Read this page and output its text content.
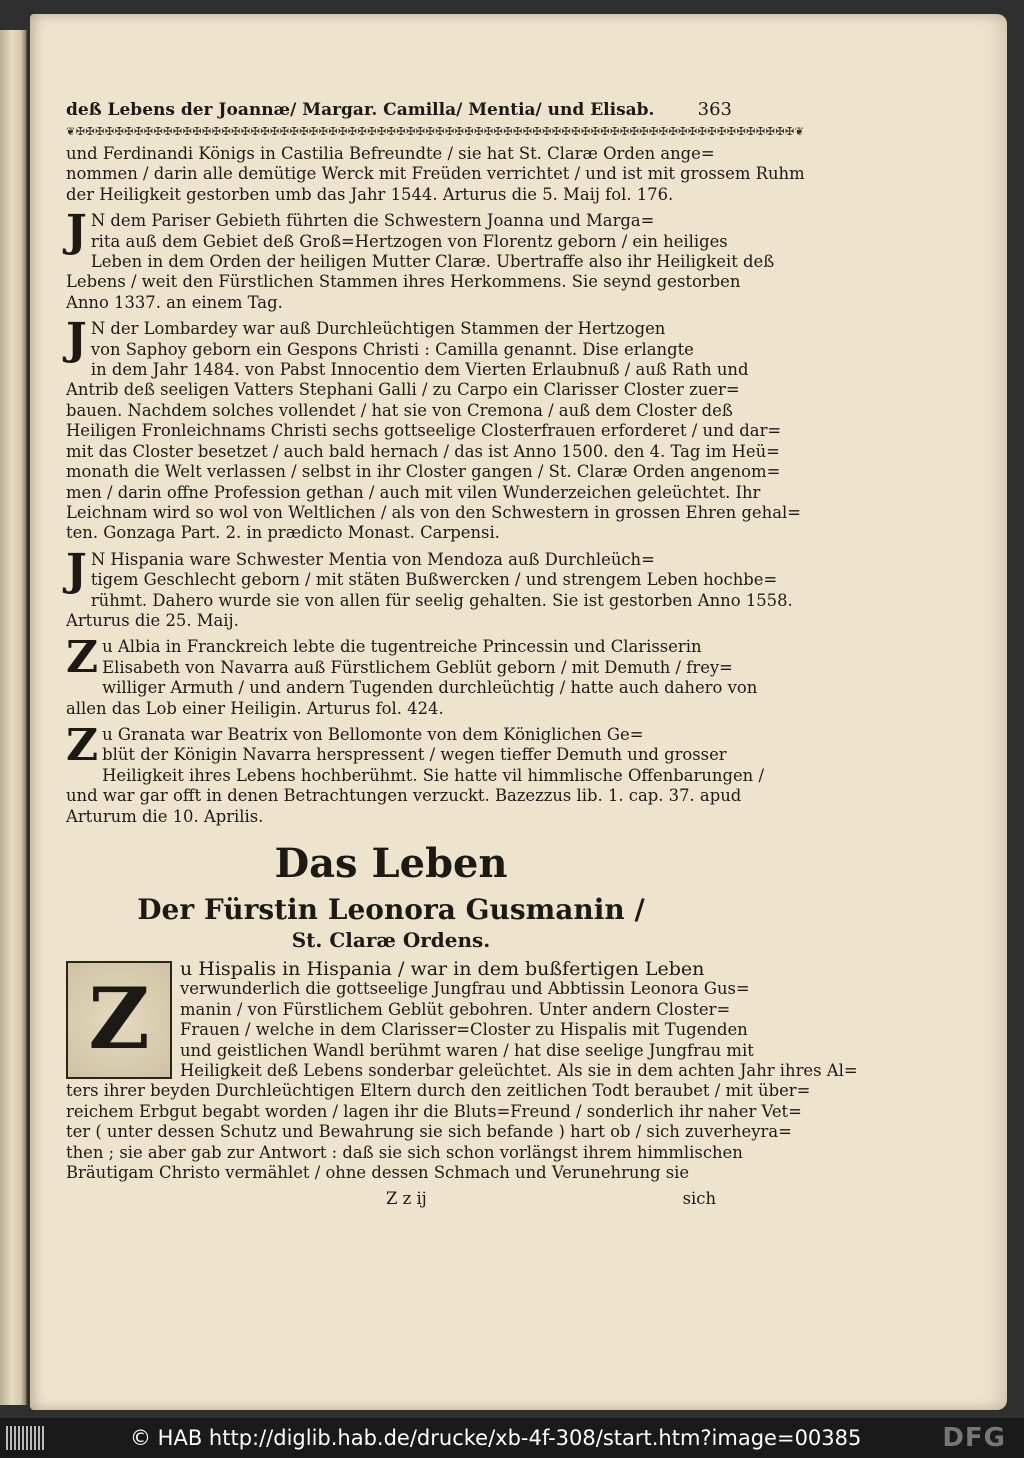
deß Lebens der Joannæ/ Margar. Camilla/ Mentia/ und Elisab. 363
❦✠✠✠✠✠✠✠✠✠✠✠✠✠✠✠✠✠✠✠✠✠✠✠✠✠✠✠✠✠✠✠✠✠✠✠✠✠✠✠✠✠✠✠✠✠✠✠✠✠✠✠✠✠✠✠✠✠✠✠✠✠✠✠✠✠✠✠✠✠✠✠✠✠✠❦
und Ferdinandi Königs in Castilia Befreundte / sie hat St. Claræ Orden ange=
nommen / darin alle demütige Werck mit Freüden verrichtet / und ist mit grossem Ruhm
der Heiligkeit gestorben umb das Jahr 1544. Arturus die 5. Maij fol. 176.
J N dem Pariser Gebieth führten die Schwestern Joanna und Marga=
rita auß dem Gebiet deß Groß=Hertzogen von Florentz geborn / ein heiliges
Leben in dem Orden der heiligen Mutter Claræ. Ubertraffe also ihr Heiligkeit deß
Lebens / weit den Fürstlichen Stammen ihres Herkommens. Sie seynd gestorben
Anno 1337. an einem Tag.
J N der Lombardey war auß Durchleüchtigen Stammen der Hertzogen
von Saphoy geborn ein Gespons Christi : Camilla genannt. Dise erlangte
in dem Jahr 1484. von Pabst Innocentio dem Vierten Erlaubnuß / auß Rath und
Antrib deß seeligen Vatters Stephani Galli / zu Carpo ein Clarisser Closter zuer=
bauen. Nachdem solches vollendet / hat sie von Cremona / auß dem Closter deß
Heiligen Fronleichnams Christi sechs gottseelige Closterfrauen erforderet / und dar=
mit das Closter besetzet / auch bald hernach / das ist Anno 1500. den 4. Tag im Heü=
monath die Welt verlassen / selbst in ihr Closter gangen / St. Claræ Orden angenom=
men / darin offne Profession gethan / auch mit vilen Wunderzeichen geleüchtet. Ihr
Leichnam wird so wol von Weltlichen / als von den Schwestern in grossen Ehren gehal=
ten. Gonzaga Part. 2. in prædicto Monast. Carpensi.
J N Hispania ware Schwester Mentia von Mendoza auß Durchleüch=
tigem Geschlecht geborn / mit stäten Bußwercken / und strengem Leben hochbe=
rühmt. Dahero wurde sie von allen für seelig gehalten. Sie ist gestorben Anno 1558.
Arturus die 25. Maij.
Z u Albia in Franckreich lebte die tugentreiche Princessin und Clarisserin
Elisabeth von Navarra auß Fürstlichem Geblüt geborn / mit Demuth / frey=
williger Armuth / und andern Tugenden durchleüchtig / hatte auch dahero von
allen das Lob einer Heiligin. Arturus fol. 424.
Z u Granata war Beatrix von Bellomonte von dem Königlichen Ge=
blüt der Königin Navarra herspressent / wegen tieffer Demuth und grosser
Heiligkeit ihres Lebens hochberühmt. Sie hatte vil himmlische Offenbarungen /
und war gar offt in denen Betrachtungen verzuckt. Bazezzus lib. 1. cap. 37. apud
Arturum die 10. Aprilis.
Das Leben
Der Fürstin Leonora Gusmanin /
St. Claræ Ordens.
Z	u Hispalis in Hispania / war in dem bußfertigen Leben
verwunderlich die gottseelige Jungfrau und Abbtissin Leonora Gus=
manin / von Fürstlichem Geblüt gebohren. Unter andern Closter=
Frauen / welche in dem Clarisser=Closter zu Hispalis mit Tugenden
und geistlichen Wandl berühmt waren / hat dise seelige Jungfrau mit
Heiligkeit deß Lebens sonderbar geleüchtet. Als sie in dem achten Jahr ihres Al=
ters ihrer beyden Durchleüchtigen Eltern durch den zeitlichen Todt beraubet / mit über=
reichem Erbgut begabt worden / lagen ihr die Bluts=Freund / sonderlich ihr naher Vet=
ter ( unter dessen Schutz und Bewahrung sie sich befande ) hart ob / sich zuverheyra=
then ; sie aber gab zur Antwort : daß sie sich schon vorlängst ihrem himmlischen
Bräutigam Christo vermählet / ohne dessen Schmach und Verunehrung sie
Z z ij	sich
© HAB http://diglib.hab.de/drucke/xb-4f-308/start.htm?image=00385	DFG
